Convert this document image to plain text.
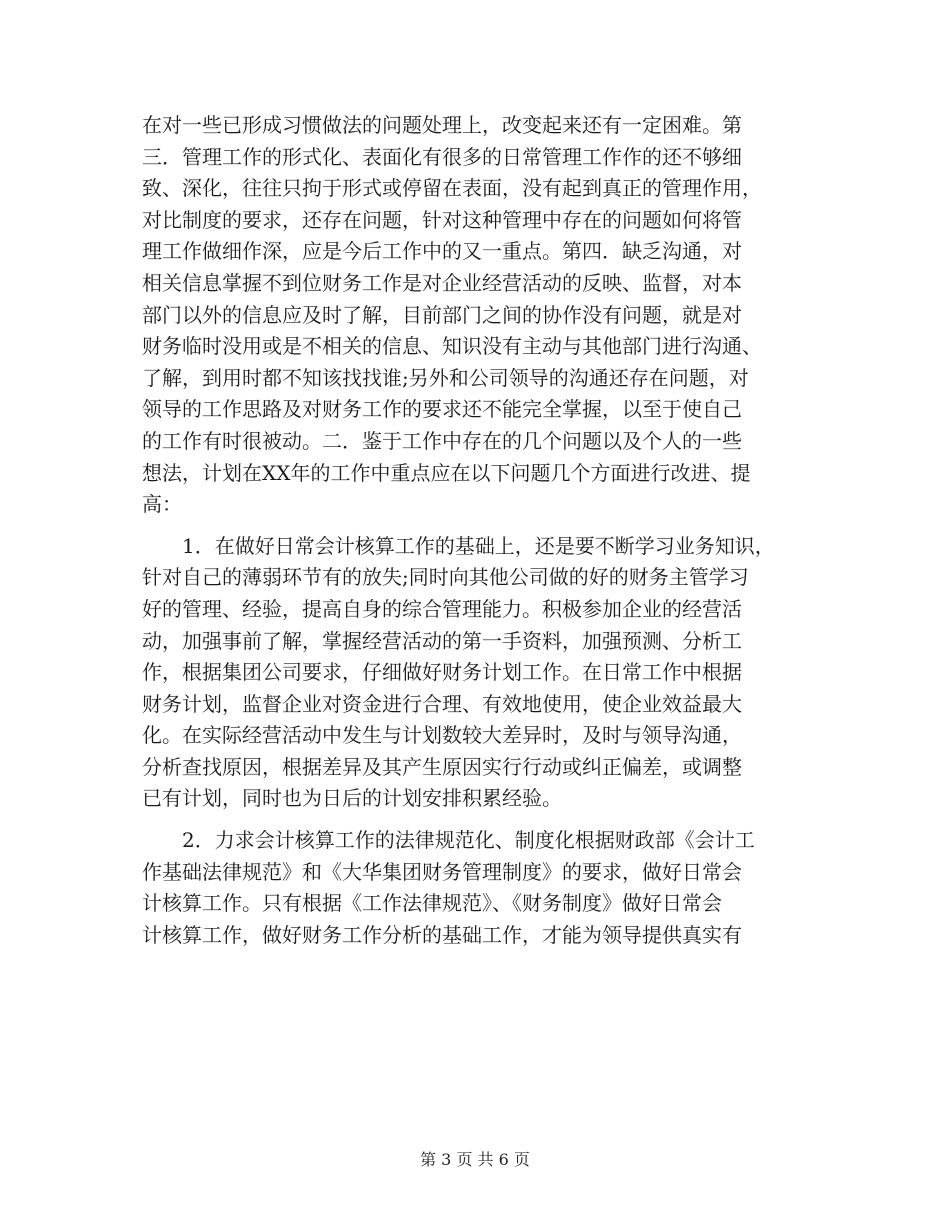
在对一些已形成习惯做法的问题处理上，改变起来还有一定困难。第
三．管理工作的形式化、表面化有很多的日常管理工作作的还不够细
致、深化，往往只拘于形式或停留在表面，没有起到真正的管理作用，
对比制度的要求，还存在问题，针对这种管理中存在的问题如何将管
理工作做细作深，应是今后工作中的又一重点。第四．缺乏沟通，对
相关信息掌握不到位财务工作是对企业经营活动的反映、监督，对本
部门以外的信息应及时了解，目前部门之间的协作没有问题，就是对
财务临时没用或是不相关的信息、知识没有主动与其他部门进行沟通、
了解，到用时都不知该找找谁;另外和公司领导的沟通还存在问题，对
领导的工作思路及对财务工作的要求还不能完全掌握，以至于使自己
的工作有时很被动。二．鉴于工作中存在的几个问题以及个人的一些
想法，计划在XX年的工作中重点应在以下问题几个方面进行改进、提
高：
　　1．在做好日常会计核算工作的基础上，还是要不断学习业务知识，
针对自己的薄弱环节有的放失;同时向其他公司做的好的财务主管学习
好的管理、经验，提高自身的综合管理能力。积极参加企业的经营活
动，加强事前了解，掌握经营活动的第一手资料，加强预测、分析工
作，根据集团公司要求，仔细做好财务计划工作。在日常工作中根据
财务计划，监督企业对资金进行合理、有效地使用，使企业效益最大
化。在实际经营活动中发生与计划数较大差异时，及时与领导沟通，
分析查找原因，根据差异及其产生原因实行行动或纠正偏差，或调整
已有计划，同时也为日后的计划安排积累经验。
　　2．力求会计核算工作的法律规范化、制度化根据财政部《会计工
作基础法律规范》和《大华集团财务管理制度》的要求，做好日常会
计核算工作。只有根据《工作法律规范》、《财务制度》做好日常会
计核算工作，做好财务工作分析的基础工作，才能为领导提供真实有
第 3 页 共 6 页
